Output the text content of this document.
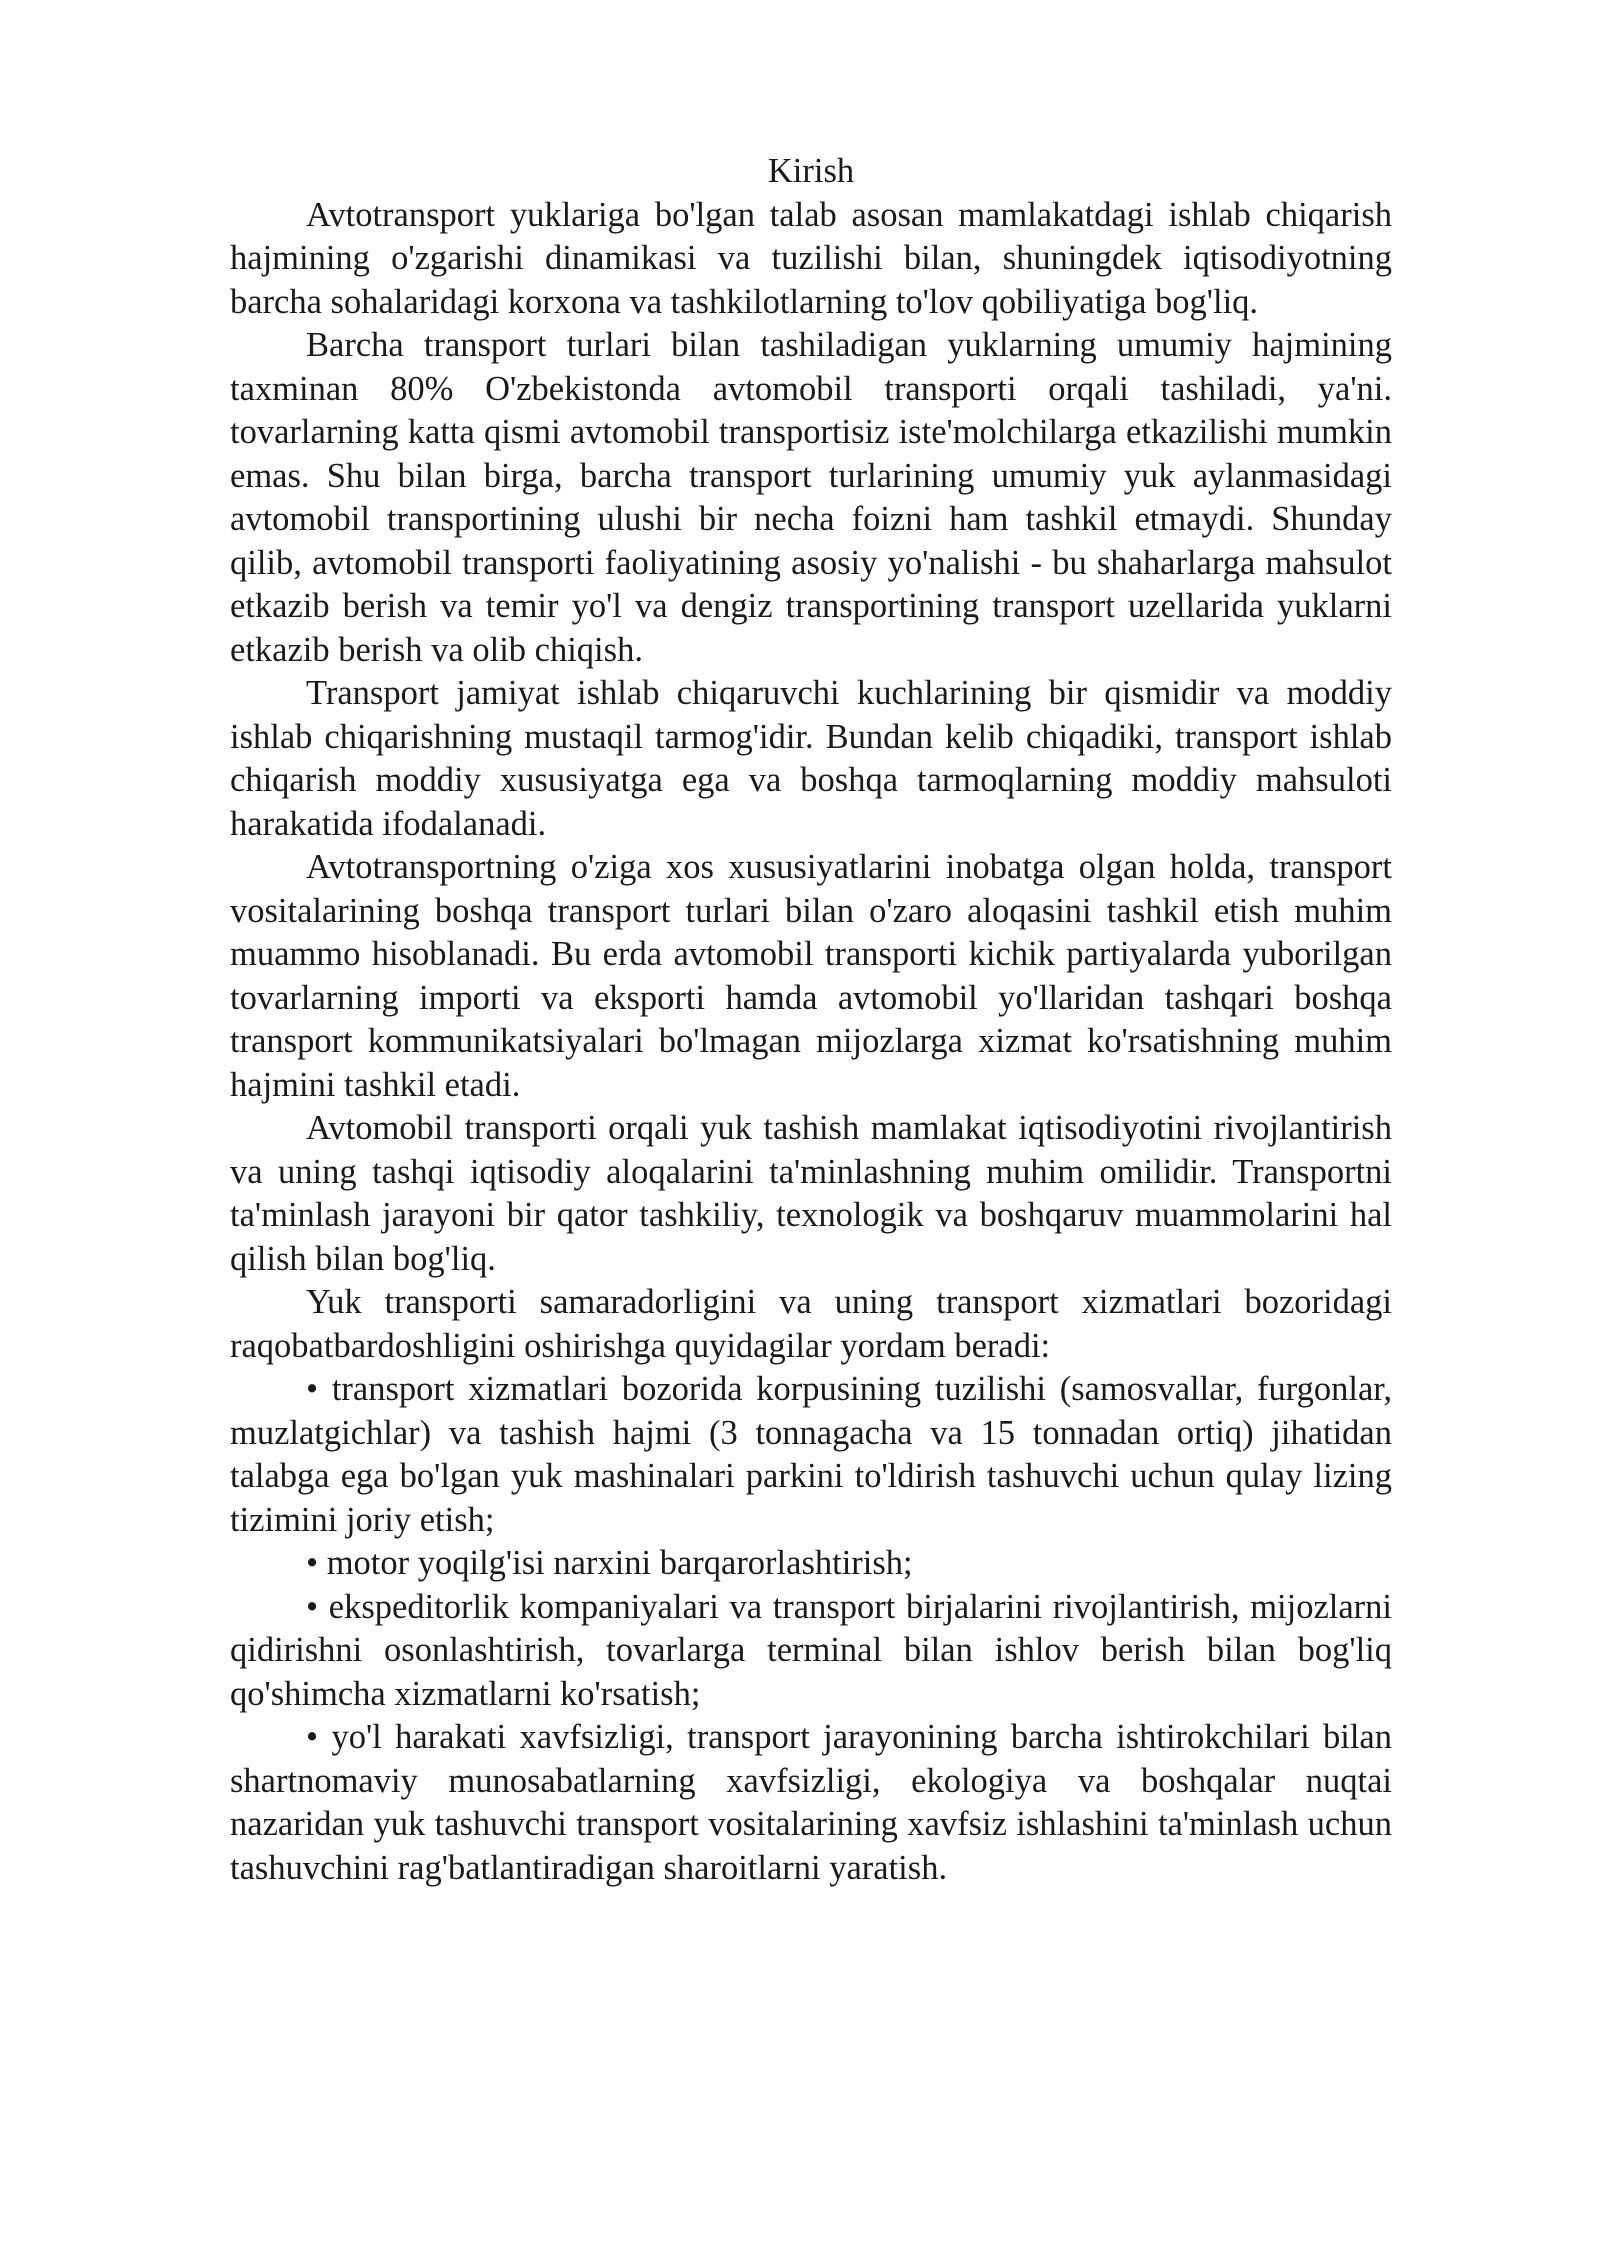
Kirish

Avtotransport yuklariga bo'lgan talab asosan mamlakatdagi ishlab chiqarish hajmining o'zgarishi dinamikasi va tuzilishi bilan, shuningdek iqtisodiyotning barcha sohalaridagi korxona va tashkilotlarning to'lov qobiliyatiga bog'liq.

Barcha transport turlari bilan tashiladigan yuklarning umumiy hajmining taxminan 80% O'zbekistonda avtomobil transporti orqali tashiladi, ya'ni. tovarlarning katta qismi avtomobil transportisiz iste'molchilarga etkazilishi mumkin emas. Shu bilan birga, barcha transport turlarining umumiy yuk aylanmasidagi avtomobil transportining ulushi bir necha foizni ham tashkil etmaydi. Shunday qilib, avtomobil transporti faoliyatining asosiy yo'nalishi - bu shaharlarga mahsulot etkazib berish va temir yo'l va dengiz transportining transport uzellarida yuklarni etkazib berish va olib chiqish.

Transport jamiyat ishlab chiqaruvchi kuchlarining bir qismidir va moddiy ishlab chiqarishning mustaqil tarmog'idir. Bundan kelib chiqadiki, transport ishlab chiqarish moddiy xususiyatga ega va boshqa tarmoqlarning moddiy mahsuloti harakatida ifodalanadi.

Avtotransportning o'ziga xos xususiyatlarini inobatga olgan holda, transport vositalarining boshqa transport turlari bilan o'zaro aloqasini tashkil etish muhim muammo hisoblanadi. Bu erda avtomobil transporti kichik partiyalarda yuborilgan tovarlarning importi va eksporti hamda avtomobil yo'llaridan tashqari boshqa transport kommunikatsiyalari bo'lmagan mijozlarga xizmat ko'rsatishning muhim hajmini tashkil etadi.

Avtomobil transporti orqali yuk tashish mamlakat iqtisodiyotini rivojlantirish va uning tashqi iqtisodiy aloqalarini ta'minlashning muhim omilidir. Transportni ta'minlash jarayoni bir qator tashkiliy, texnologik va boshqaruv muammolarini hal qilish bilan bog'liq.

Yuk transporti samaradorligini va uning transport xizmatlari bozoridagi raqobatbardoshligini oshirishga quyidagilar yordam beradi:

• transport xizmatlari bozorida korpusining tuzilishi (samosvallar, furgonlar, muzlatgichlar) va tashish hajmi (3 tonnagacha va 15 tonnadan ortiq) jihatidan talabga ega bo'lgan yuk mashinalari parkini to'ldirish tashuvchi uchun qulay lizing tizimini joriy etish;
• motor yoqilg'isi narxini barqarorlashtirish;
• ekspeditorlik kompaniyalari va transport birjalarini rivojlantirish, mijozlarni qidirishni osonlashtirish, tovarlarga terminal bilan ishlov berish bilan bog'liq qo'shimcha xizmatlarni ko'rsatish;
• yo'l harakati xavfsizligi, transport jarayonining barcha ishtirokchilari bilan shartnomaviy munosabatlarning xavfsizligi, ekologiya va boshqalar nuqtai nazaridan yuk tashuvchi transport vositalarining xavfsiz ishlashini ta'minlash uchun tashuvchini rag'batlantiradigan sharoitlarni yaratish.
